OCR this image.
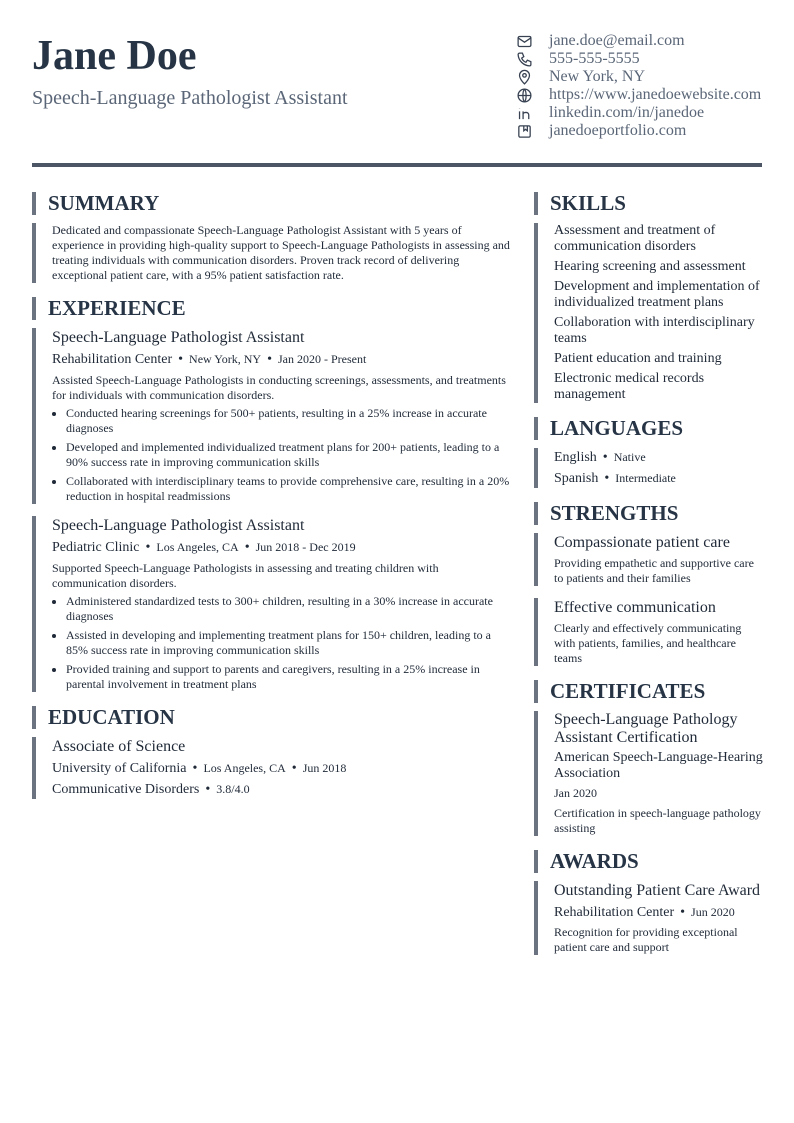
Jane Doe
Speech-Language Pathologist Assistant
jane.doe@email.com
555-555-5555
New York, NY
https://www.janedoewebsite.com
linkedin.com/in/janedoe
janedoeportfolio.com
SUMMARY
Dedicated and compassionate Speech-Language Pathologist Assistant with 5 years of experience in providing high-quality support to Speech-Language Pathologists in assessing and treating individuals with communication disorders. Proven track record of delivering exceptional patient care, with a 95% patient satisfaction rate.
EXPERIENCE
Speech-Language Pathologist Assistant
Rehabilitation Center • New York, NY • Jan 2020 - Present
Assisted Speech-Language Pathologists in conducting screenings, assessments, and treatments for individuals with communication disorders.
• Conducted hearing screenings for 500+ patients, resulting in a 25% increase in accurate diagnoses
• Developed and implemented individualized treatment plans for 200+ patients, leading to a 90% success rate in improving communication skills
• Collaborated with interdisciplinary teams to provide comprehensive care, resulting in a 20% reduction in hospital readmissions
Speech-Language Pathologist Assistant
Pediatric Clinic • Los Angeles, CA • Jun 2018 - Dec 2019
Supported Speech-Language Pathologists in assessing and treating children with communication disorders.
• Administered standardized tests to 300+ children, resulting in a 30% increase in accurate diagnoses
• Assisted in developing and implementing treatment plans for 150+ children, leading to a 85% success rate in improving communication skills
• Provided training and support to parents and caregivers, resulting in a 25% increase in parental involvement in treatment plans
EDUCATION
Associate of Science
University of California • Los Angeles, CA • Jun 2018
Communicative Disorders • 3.8/4.0
SKILLS
Assessment and treatment of communication disorders
Hearing screening and assessment
Development and implementation of individualized treatment plans
Collaboration with interdisciplinary teams
Patient education and training
Electronic medical records management
LANGUAGES
English • Native
Spanish • Intermediate
STRENGTHS
Compassionate patient care
Providing empathetic and supportive care to patients and their families
Effective communication
Clearly and effectively communicating with patients, families, and healthcare teams
CERTIFICATES
Speech-Language Pathology Assistant Certification
American Speech-Language-Hearing Association
Jan 2020
Certification in speech-language pathology assisting
AWARDS
Outstanding Patient Care Award
Rehabilitation Center • Jun 2020
Recognition for providing exceptional patient care and support
